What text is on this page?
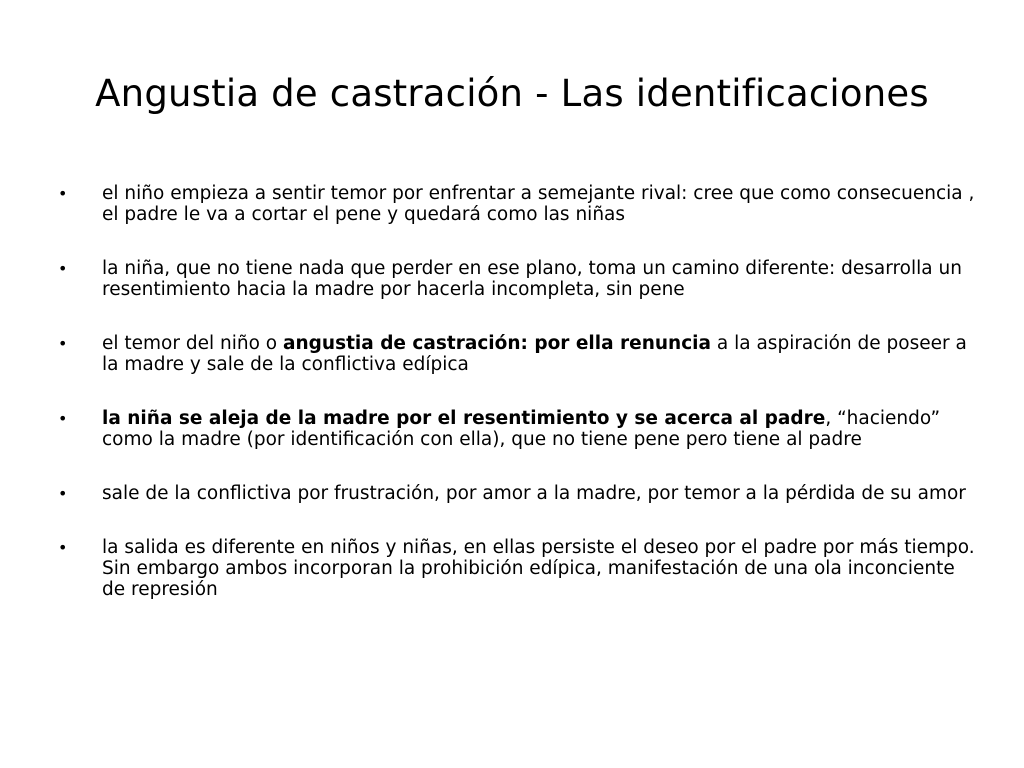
Angustia de castración - Las identificaciones
•	el niño empieza a sentir temor por enfrentar a semejante rival: cree que como consecuencia , el padre le va a cortar el pene y quedará como las niñas
•	la niña, que no tiene nada que perder en ese plano, toma un camino diferente: desarrolla un resentimiento hacia la madre por hacerla incompleta, sin pene
•	el temor del niño o angustia de castración: por ella renuncia a la aspiración de poseer a la madre y sale de la conflictiva edípica
•	la niña se aleja de la madre por el resentimiento y se acerca al padre, “haciendo” como la madre (por identificación con ella), que no tiene pene pero tiene al padre
•	sale de la conflictiva por frustración, por amor a la madre, por temor a la pérdida de su amor
•	la salida es diferente en niños y niñas, en ellas persiste el deseo por el padre por más tiempo. Sin embargo ambos incorporan la prohibición edípica, manifestación de una ola inconciente de represión
